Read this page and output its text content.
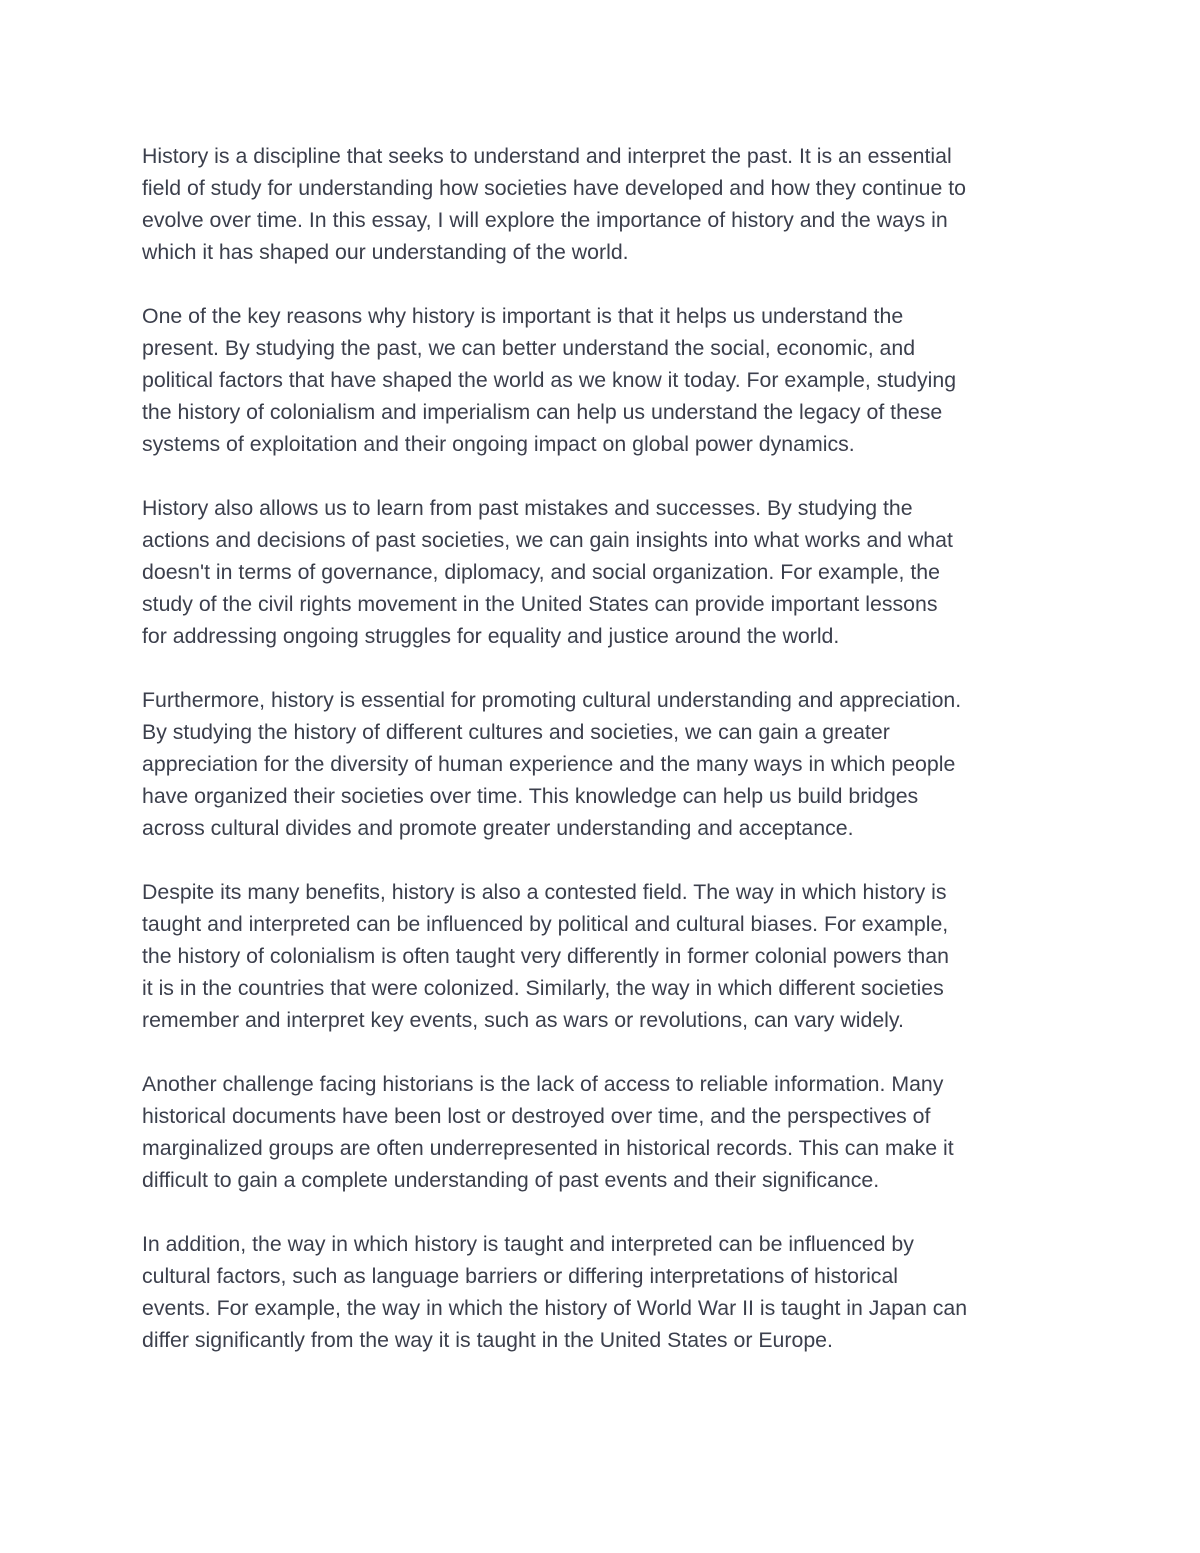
History is a discipline that seeks to understand and interpret the past. It is an essential
field of study for understanding how societies have developed and how they continue to
evolve over time. In this essay, I will explore the importance of history and the ways in
which it has shaped our understanding of the world.

One of the key reasons why history is important is that it helps us understand the
present. By studying the past, we can better understand the social, economic, and
political factors that have shaped the world as we know it today. For example, studying
the history of colonialism and imperialism can help us understand the legacy of these
systems of exploitation and their ongoing impact on global power dynamics.

History also allows us to learn from past mistakes and successes. By studying the
actions and decisions of past societies, we can gain insights into what works and what
doesn't in terms of governance, diplomacy, and social organization. For example, the
study of the civil rights movement in the United States can provide important lessons
for addressing ongoing struggles for equality and justice around the world.

Furthermore, history is essential for promoting cultural understanding and appreciation.
By studying the history of different cultures and societies, we can gain a greater
appreciation for the diversity of human experience and the many ways in which people
have organized their societies over time. This knowledge can help us build bridges
across cultural divides and promote greater understanding and acceptance.

Despite its many benefits, history is also a contested field. The way in which history is
taught and interpreted can be influenced by political and cultural biases. For example,
the history of colonialism is often taught very differently in former colonial powers than
it is in the countries that were colonized. Similarly, the way in which different societies
remember and interpret key events, such as wars or revolutions, can vary widely.

Another challenge facing historians is the lack of access to reliable information. Many
historical documents have been lost or destroyed over time, and the perspectives of
marginalized groups are often underrepresented in historical records. This can make it
difficult to gain a complete understanding of past events and their significance.

In addition, the way in which history is taught and interpreted can be influenced by
cultural factors, such as language barriers or differing interpretations of historical
events. For example, the way in which the history of World War II is taught in Japan can
differ significantly from the way it is taught in the United States or Europe.
